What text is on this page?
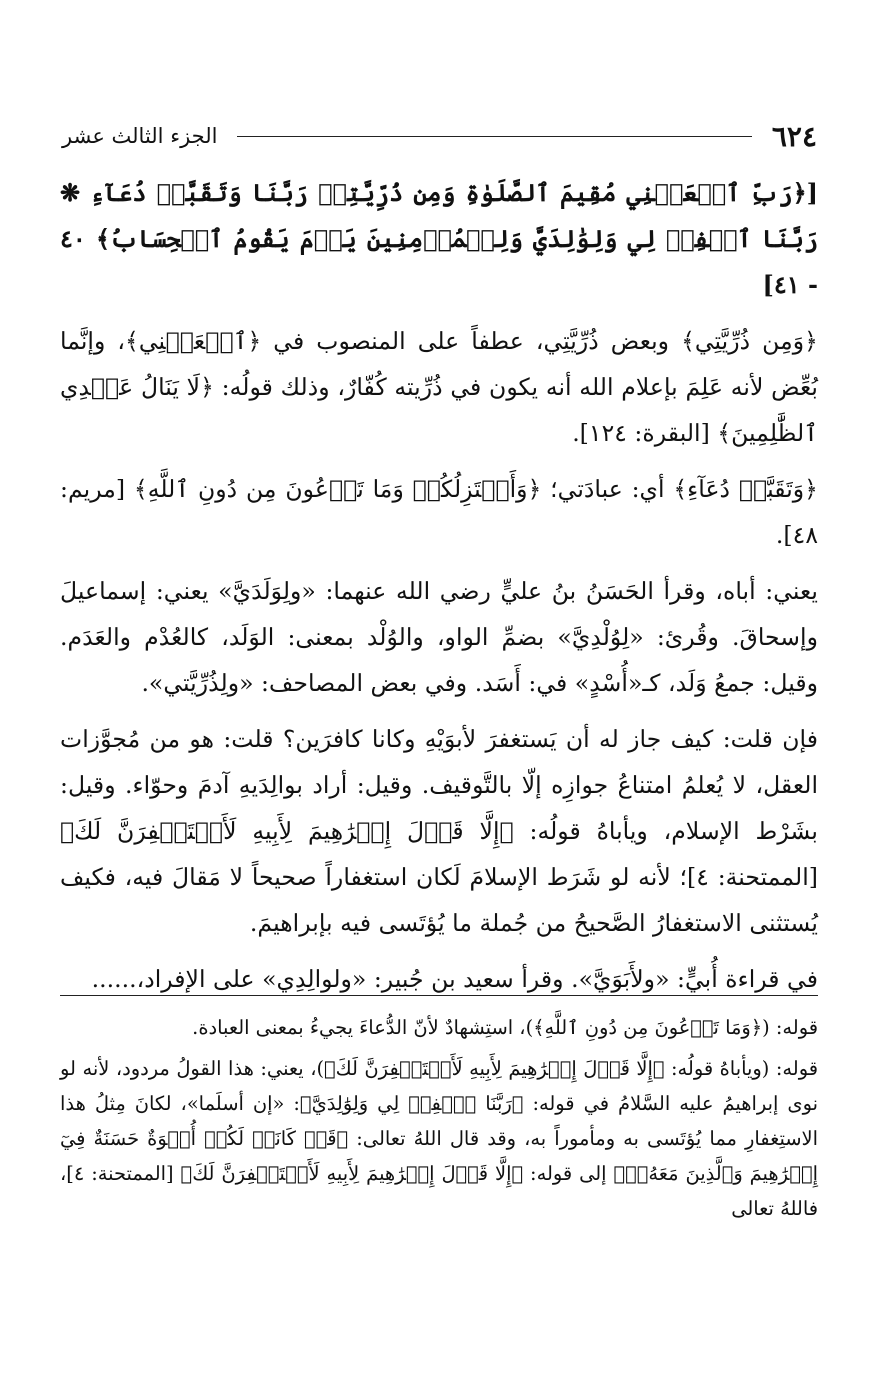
٦٢٤
الجزء الثالث عشر

[﴿رَبِّ ٱجۡعَلۡنِي مُقِيمَ ٱلصَّلَوٰةِ وَمِن ذُرِّيَّتِيۚ رَبَّنَا وَتَقَبَّلۡ دُعَآءِ ❋ رَبَّنَا ٱغۡفِرۡ لِي وَلِوَٰلِدَيَّ وَلِلۡمُؤۡمِنِينَ يَوۡمَ يَقُومُ ٱلۡحِسَابُ﴾ ٤٠ - ٤١]

﴿وَمِن ذُرِّيَّتِي﴾ وبعض ذُرِّيَّتِي، عطفاً على المنصوب في ﴿ٱجۡعَلۡنِي﴾، وإنَّما بُعِّض لأنه عَلِمَ بإعلام الله أنه يكون في ذُرِّيته كُفّارٌ، وذلك قولُه: ﴿لَا يَنَالُ عَهۡدِي ٱلظَّٰلِمِينَ﴾ [البقرة: ١٢٤].

﴿وَتَقَبَّلۡ دُعَآءِ﴾ أي: عبادَتي؛ ﴿وَأَعۡتَزِلُكُمۡ وَمَا تَدۡعُونَ مِن دُونِ ٱللَّهِ﴾ [مريم: ٤٨].

يعني: أباه، وقرأ الحَسَنُ بنُ عليٍّ رضي الله عنهما: «ولِوَلَدَيَّ» يعني: إسماعيلَ وإسحاقَ. وقُرئ: «لِوُلْدِيَّ» بضمِّ الواو، والوُلْد بمعنى: الوَلَد، كالعُدْم والعَدَم. وقيل: جمعُ وَلَد، كـ«أُسْدٍ» في: أَسَد. وفي بعض المصاحف: «ولِذُرِّيَّتي».

فإن قلت: كيف جاز له أن يَستغفرَ لأبوَيْهِ وكانا كافرَين؟ قلت: هو من مُجوَّزات العقل، لا يُعلمُ امتناعُ جوازِه إلّا بالتَّوقيف. وقيل: أراد بوالِدَيهِ آدمَ وحوّاء. وقيل: بشَرْط الإسلام، ويأباهُ قولُه: ﴿إِلَّا قَوۡلَ إِبۡرَٰهِيمَ لِأَبِيهِ لَأَسۡتَغۡفِرَنَّ لَكَ﴾ [الممتحنة: ٤]؛ لأنه لو شَرَط الإسلامَ لَكان استغفاراً صحيحاً لا مَقالَ فيه، فكيف يُستثنى الاستغفارُ الصَّحيحُ من جُملة ما يُؤتَسى فيه بإبراهيمَ.

في قراءة أُبيٍّ: «ولأَبَوَيَّ». وقرأ سعيد بن جُبير: «ولوالِدِي» على الإفراد،......

قوله: (﴿وَمَا تَدۡعُونَ مِن دُونِ ٱللَّهِ﴾)، استِشهادٌ لأنّ الدُّعاءَ يجيءُ بمعنى العبادة.

قوله: (ويأباهُ قولُه: ﴿إِلَّا قَوۡلَ إِبۡرَٰهِيمَ لِأَبِيهِ لَأَسۡتَغۡفِرَنَّ لَكَ﴾)، يعني: هذا القولُ مردود، لأنه لو نوى إبراهيمُ عليه السَّلامُ في قوله: ﴿رَبَّنَا ٱغۡفِرۡ لِي وَلِوَٰلِدَيَّ﴾: «إن أسلَما»، لكانَ مِثلُ هذا الاستِغفارِ مما يُؤتَسى به ومأموراً به، وقد قال اللهُ تعالى: ﴿قَدۡ كَانَتۡ لَكُمۡ أُسۡوَةٌ حَسَنَةٌ فِيٓ إِبۡرَٰهِيمَ وَٱلَّذِينَ مَعَهُۥٓ﴾ إلى قوله: ﴿إِلَّا قَوۡلَ إِبۡرَٰهِيمَ لِأَبِيهِ لَأَسۡتَغۡفِرَنَّ لَكَ﴾ [الممتحنة: ٤]، فاللهُ تعالى
